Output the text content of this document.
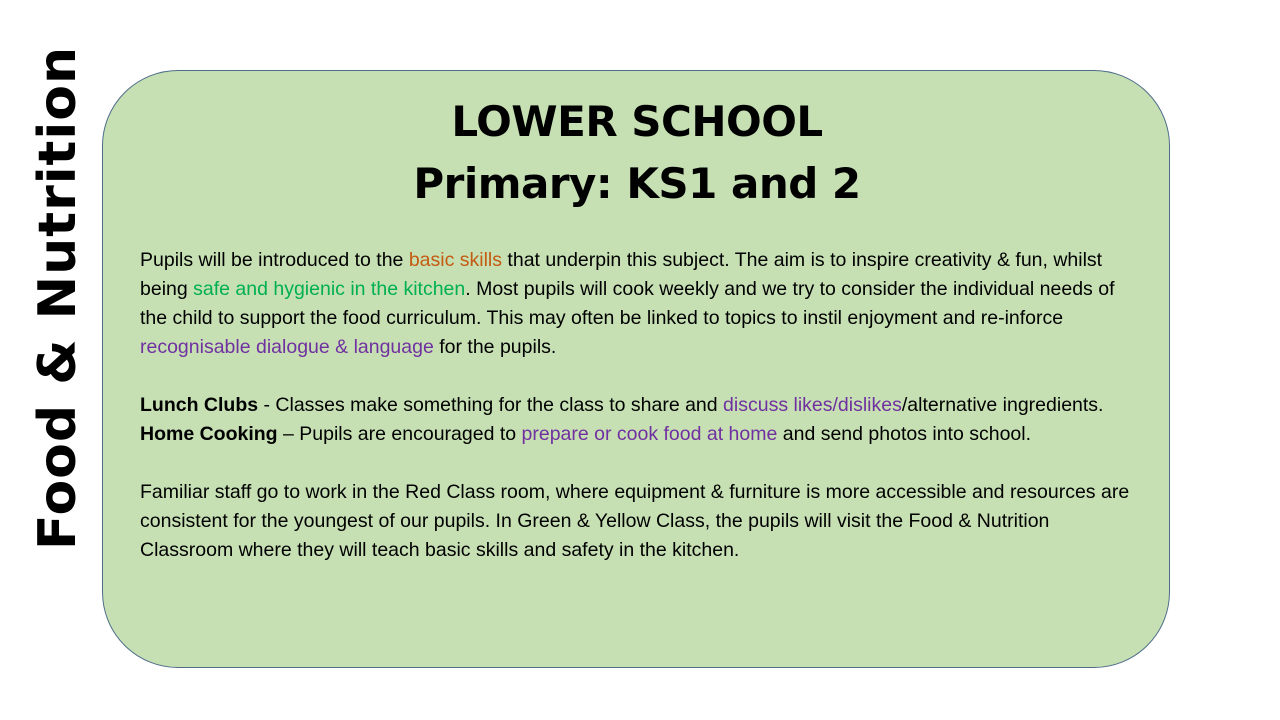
Food & Nutrition	LOWER SCHOOL
Primary: KS1 and 2

Pupils will be introduced to the basic skills that underpin this subject. The aim is to inspire creativity & fun, whilst being safe and hygienic in the kitchen. Most pupils will cook weekly and we try to consider the individual needs of the child to support the food curriculum. This may often be linked to topics to instil enjoyment and re-inforce recognisable dialogue & language for the pupils.

Lunch Clubs - Classes make something for the class to share and discuss likes/dislikes/alternative ingredients.

Home Cooking – Pupils are encouraged to prepare or cook food at home and send photos into school.

Familiar staff go to work in the Red Class room, where equipment & furniture is more accessible and resources are consistent for the youngest of our pupils. In Green & Yellow Class, the pupils will visit the Food & Nutrition Classroom where they will teach basic skills and safety in the kitchen.
